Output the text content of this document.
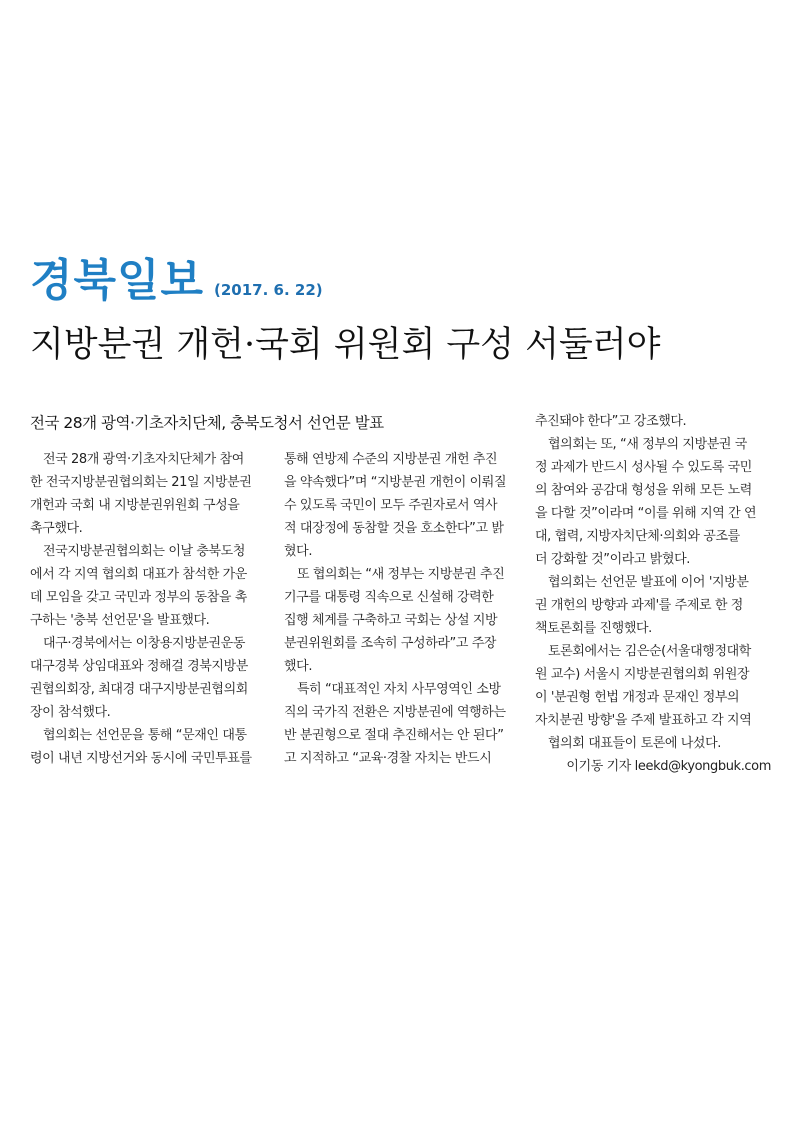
경북일보 (2017. 6. 22)
지방분권 개헌·국회 위원회 구성 서둘러야
전국 28개 광역·기초자치단체, 충북도청서 선언문 발표
전국 28개 광역·기초자치단체가 참여
한 전국지방분권협의회는 21일 지방분권
개헌과 국회 내 지방분권위원회 구성을
촉구했다.
전국지방분권협의회는 이날 충북도청
에서 각 지역 협의회 대표가 참석한 가운
데 모임을 갖고 국민과 정부의 동참을 촉
구하는 '충북 선언문'을 발표했다.
대구·경북에서는 이창용지방분권운동
대구경북 상임대표와 정해걸 경북지방분
권협의회장, 최대경 대구지방분권협의회
장이 참석했다.
협의회는 선언문을 통해 “문재인 대통
령이 내년 지방선거와 동시에 국민투표를
통해 연방제 수준의 지방분권 개헌 추진
을 약속했다”며 “지방분권 개헌이 이뤄질
수 있도록 국민이 모두 주권자로서 역사
적 대장정에 동참할 것을 호소한다”고 밝
혔다.
또 협의회는 “새 정부는 지방분권 추진
기구를 대통령 직속으로 신설해 강력한
집행 체계를 구축하고 국회는 상설 지방
분권위원회를 조속히 구성하라”고 주장
했다.
특히 “대표적인 자치 사무영역인 소방
직의 국가직 전환은 지방분권에 역행하는
반 분권형으로 절대 추진해서는 안 된다”
고 지적하고 “교육·경찰 자치는 반드시
추진돼야 한다”고 강조했다.
협의회는 또, “새 정부의 지방분권 국
정 과제가 반드시 성사될 수 있도록 국민
의 참여와 공감대 형성을 위해 모든 노력
을 다할 것”이라며 “이를 위해 지역 간 연
대, 협력, 지방자치단체·의회와 공조를
더 강화할 것”이라고 밝혔다.
협의회는 선언문 발표에 이어 '지방분
권 개헌의 방향과 과제'를 주제로 한 정
책토론회를 진행했다.
토론회에서는 김은순(서울대행정대학
원 교수) 서울시 지방분권협의회 위원장
이 '분권형 헌법 개정과 문재인 정부의
자치분권 방향'을 주제 발표하고 각 지역
협의회 대표들이 토론에 나섰다.
이기동 기자 leekd@kyongbuk.com
